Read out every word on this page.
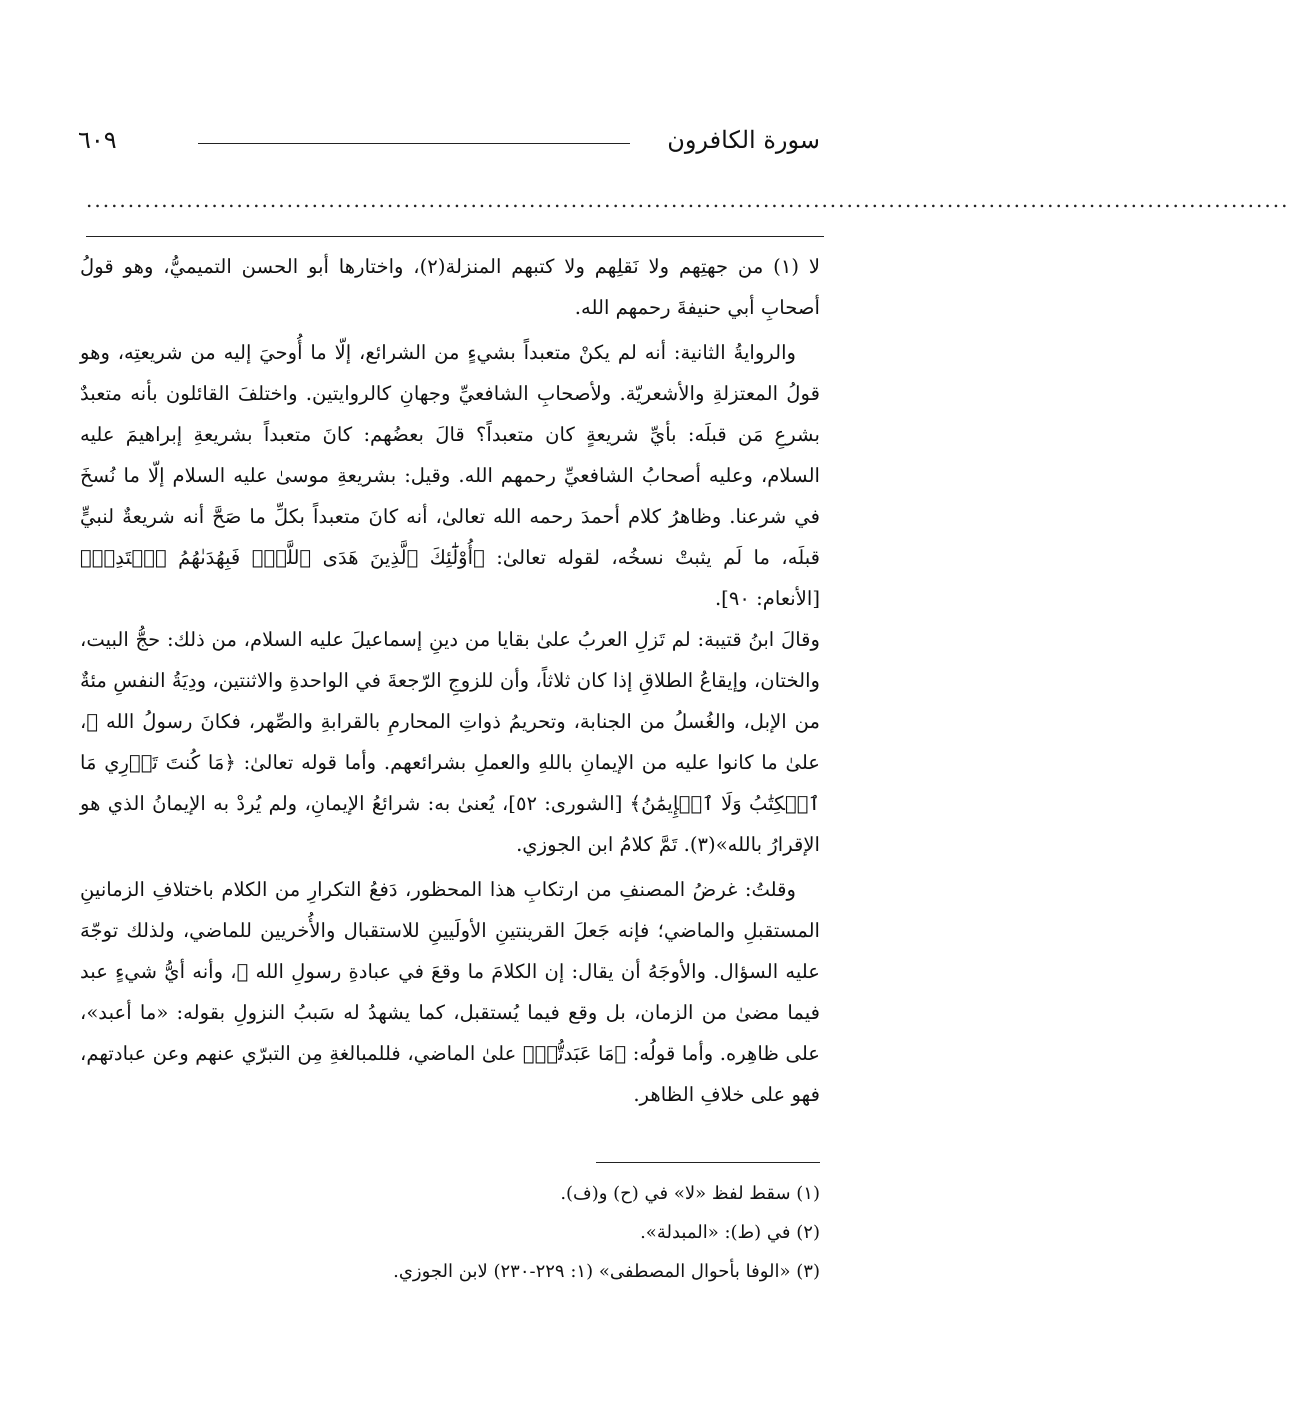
سورة الكافرون
٦٠٩
................................................................................................................................................

لا (١) من جهتِهم ولا نَقلِهم ولا كتبهم المنزلة(٢)، واختارها أبو الحسن التميميُّ، وهو قولُ أصحابِ أبي حنيفةَ رحمهم الله.

والروايةُ الثانية: أنه لم يكنْ متعبداً بشيءٍ من الشرائع، إلّا ما أُوحيَ إليه من شريعتِه، وهو قولُ المعتزلةِ والأشعريّة. ولأصحابِ الشافعيِّ وجهانِ كالروايتين. واختلفَ القائلون بأنه متعبدٌ بشرعِ مَن قبلَه: بأيِّ شريعةٍ كان متعبداً؟ قالَ بعضُهم: كانَ متعبداً بشريعةِ إبراهيمَ عليه السلام، وعليه أصحابُ الشافعيِّ رحمهم الله. وقيل: بشريعةِ موسىٰ عليه السلام إلّا ما نُسخَ في شرعنا. وظاهرُ كلام أحمدَ رحمه الله تعالىٰ، أنه كانَ متعبداً بكلِّ ما صَحَّ أنه شريعةٌ لنبيٍّ قبلَه، ما لَم يثبتْ نسخُه، لقوله تعالىٰ: ﴿أُوْلَٰٓئِكَ ٱلَّذِينَ هَدَى ٱللَّهُۖ فَبِهُدَىٰهُمُ ٱقۡتَدِهۡ﴾ [الأنعام: ٩٠].

وقالَ ابنُ قتيبة: لم تَزلِ العربُ علىٰ بقايا من دينِ إسماعيلَ عليه السلام، من ذلك: حجُّ البيت، والختان، وإيقاعُ الطلاقِ إذا كان ثلاثاً، وأن للزوجِ الرّجعةَ في الواحدةِ والاثنتين، ودِيَةُ النفسِ مئةٌ من الإبل، والغُسلُ من الجنابة، وتحريمُ ذواتِ المحارمِ بالقرابةِ والصِّهر، فكانَ رسولُ الله ﷺ، علىٰ ما كانوا عليه من الإيمانِ باللهِ والعملِ بشرائعهم. وأما قوله تعالىٰ: ﴿مَا كُنتَ تَدۡرِي مَا ٱلۡكِتَٰبُ وَلَا ٱلۡإِيمَٰنُ﴾ [الشورى: ٥٢]، يُعنىٰ به: شرائعُ الإيمانِ، ولم يُردْ به الإيمانُ الذي هو الإقرارُ بالله»(٣). تَمَّ كلامُ ابن الجوزي.

وقلتُ: غرضُ المصنفِ من ارتكابِ هذا المحظور، دَفعُ التكرارِ من الكلام باختلافِ الزمانينِ المستقبلِ والماضي؛ فإنه جَعلَ القرينتينِ الأولَيينِ للاستقبال والأُخريين للماضي، ولذلك توجّهَ عليه السؤال. والأوجَهُ أن يقال: إن الكلامَ ما وقعَ في عبادةِ رسولِ الله ﷺ، وأنه أيُّ شيءٍ عبد فيما مضىٰ من الزمان، بل وقع فيما يُستقبل، كما يشهدُ له سَببُ النزولِ بقوله: «ما أعبد»، على ظاهِره. وأما قولُه: ﴿مَا عَبَدتُّمۡ﴾ علىٰ الماضي، فللمبالغةِ مِن التبرّي عنهم وعن عبادتهم، فهو على خلافِ الظاهر.

(١) سقط لفظ «لا» في (ح) و(ف).

(٢) في (ط): «المبدلة».

(٣) «الوفا بأحوال المصطفى» (١: ٢٢٩-٢٣٠) لابن الجوزي.
